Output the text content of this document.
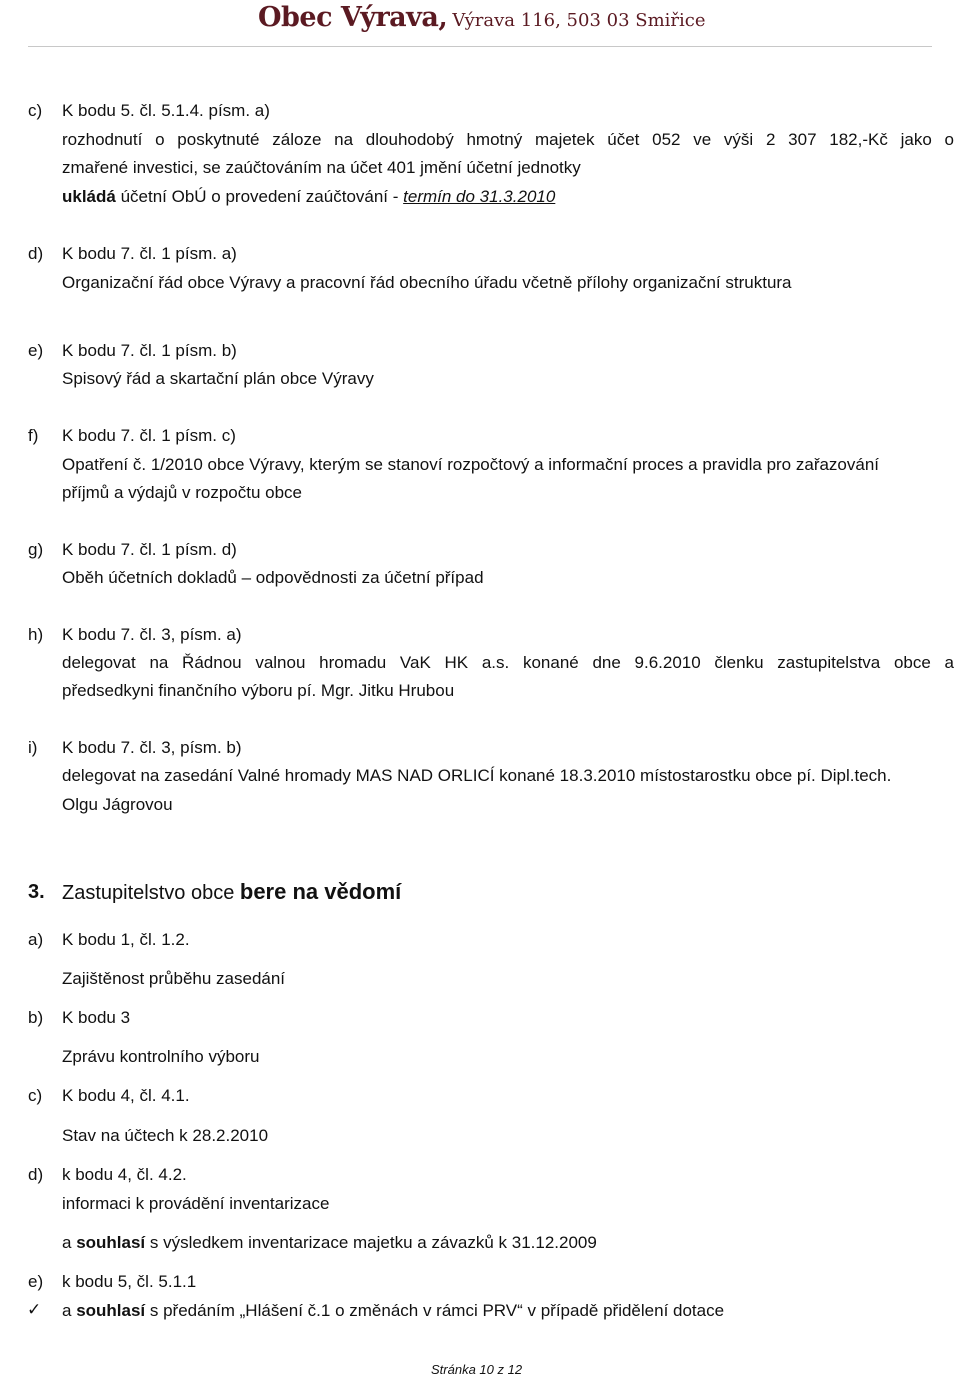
Obec Výrava, Výrava 116, 503 03 Smiřice
c) K bodu 5. čl. 5.1.4. písm. a)
rozhodnutí o poskytnuté záloze na dlouhodobý hmotný majetek účet 052 ve výši 2 307 182,-Kč jako o
zmařené investici, se zaúčtováním na účet 401 jmění účetní jednotky
ukládá účetní ObÚ o provedení zaúčtování - termín do 31.3.2010
d) K bodu 7. čl. 1 písm. a)
Organizační řád obce Výravy a pracovní řád obecního úřadu včetně přílohy organizační struktura
e) K bodu 7. čl. 1 písm. b)
Spisový řád a skartační plán obce Výravy
f) K bodu 7. čl. 1 písm. c)
Opatření č. 1/2010 obce Výravy, kterým se stanoví rozpočtový a informační proces a pravidla pro zařazování
příjmů a výdajů v rozpočtu obce
g) K bodu 7. čl. 1 písm. d)
Oběh účetních dokladů – odpovědnosti za účetní případ
h) K bodu 7. čl. 3, písm. a)
delegovat na Řádnou valnou hromadu VaK HK a.s. konané dne 9.6.2010 členku zastupitelstva obce a
předsedkyni finančního výboru pí. Mgr. Jitku Hrubou
i) K bodu 7. čl. 3, písm. b)
delegovat na zasedání Valné hromady MAS NAD ORLICÍ konané 18.3.2010 místostarostku obce pí. Dipl.tech.
Olgu Jágrovou
3. Zastupitelstvo obce bere na vědomí
a) K bodu 1, čl. 1.2.
Zajištěnost průběhu zasedání
b) K bodu 3
Zprávu kontrolního výboru
c) K bodu 4, čl. 4.1.
Stav na účtech k 28.2.2010
d) k bodu 4, čl. 4.2.
informaci k provádění inventarizace
a souhlasí s výsledkem inventarizace majetku a závazků k 31.12.2009
e) k bodu 5, čl. 5.1.1
✓ a souhlasí s předáním „Hlášení č.1 o změnách v rámci PRV“ v případě přidělení dotace
Stránka 10 z 12
